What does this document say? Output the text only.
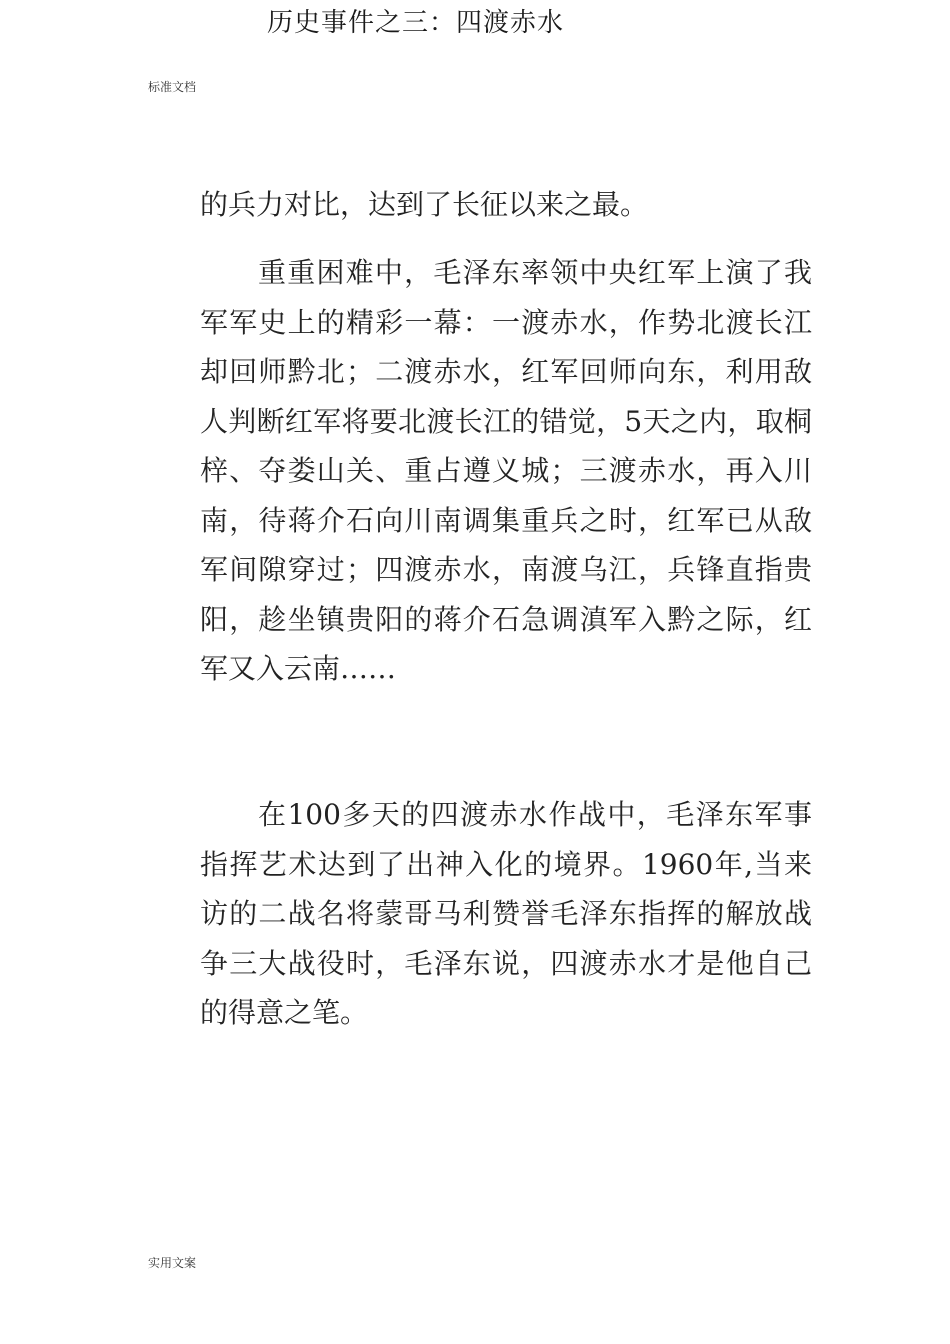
历史事件之三：四渡赤水
标准文档

的兵力对比，达到了长征以来之最。

重重困难中，毛泽东率领中央红军上演了我军军史上的精彩一幕：一渡赤水，作势北渡长江却回师黔北；二渡赤水，红军回师向东，利用敌人判断红军将要北渡长江的错觉，5天之内，取桐梓、夺娄山关、重占遵义城；三渡赤水，再入川南，待蒋介石向川南调集重兵之时，红军已从敌军间隙穿过；四渡赤水，南渡乌江，兵锋直指贵阳，趁坐镇贵阳的蒋介石急调滇军入黔之际，红军又入云南……

在100多天的四渡赤水作战中，毛泽东军事指挥艺术达到了出神入化的境界。1960年,当来访的二战名将蒙哥马利赞誉毛泽东指挥的解放战争三大战役时，毛泽东说，四渡赤水才是他自己的得意之笔。

实用文案
